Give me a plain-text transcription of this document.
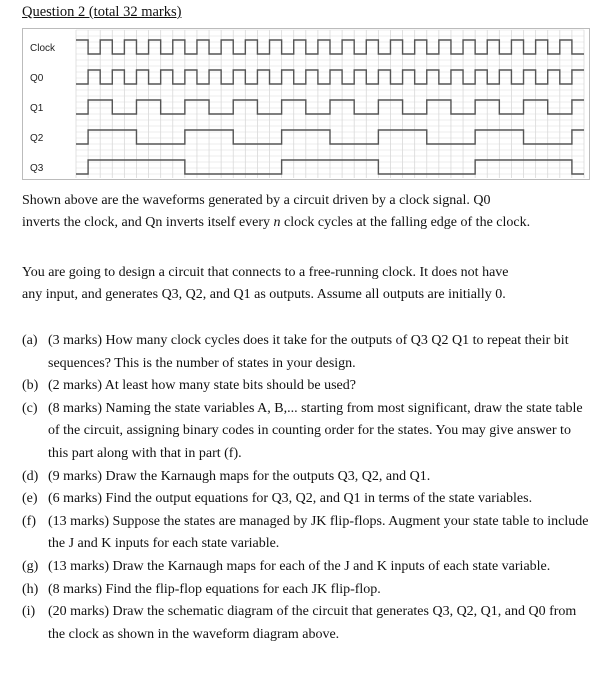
Question 2 (total 32 marks)
Clock
Q0
Q1
Q2
Q3

Shown above are the waveforms generated by a circuit driven by a clock signal. Q0
inverts the clock, and Qn inverts itself every n clock cycles at the falling edge of the clock.

You are going to design a circuit that connects to a free-running clock. It does not have
any input, and generates Q3, Q2, and Q1 as outputs. Assume all outputs are initially 0.

(a) (3 marks) How many clock cycles does it take for the outputs of Q3 Q2 Q1 to repeat their bit sequences? This is the number of states in your design.
(b) (2 marks) At least how many state bits should be used?
(c) (8 marks) Naming the state variables A, B,... starting from most significant, draw the state table of the circuit, assigning binary codes in counting order for the states. You may give answer to this part along with that in part (f).
(d) (9 marks) Draw the Karnaugh maps for the outputs Q3, Q2, and Q1.
(e) (6 marks) Find the output equations for Q3, Q2, and Q1 in terms of the state variables.
(f) (13 marks) Suppose the states are managed by JK flip-flops. Augment your state table to include the J and K inputs for each state variable.
(g) (13 marks) Draw the Karnaugh maps for each of the J and K inputs of each state variable.
(h) (8 marks) Find the flip-flop equations for each JK flip-flop.
(i) (20 marks) Draw the schematic diagram of the circuit that generates Q3, Q2, Q1, and Q0 from the clock as shown in the waveform diagram above.
